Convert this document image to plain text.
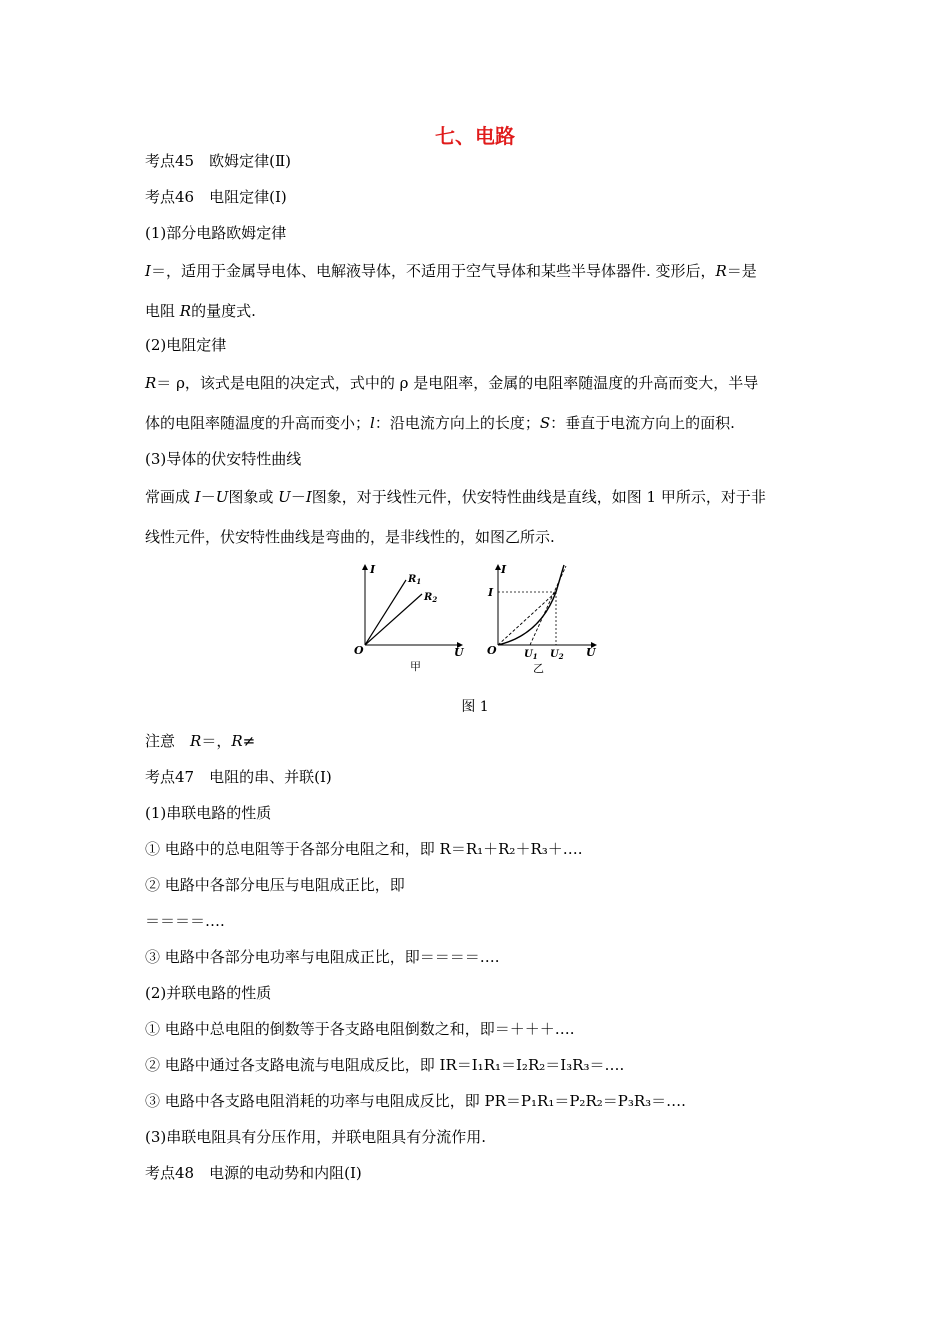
七、电路
考点45　欧姆定律(Ⅱ)
考点46　电阻定律(Ⅰ)
(1)部分电路欧姆定律
I＝，适用于金属导电体、电解液导体，不适用于空气导体和某些半导体器件. 变形后，R＝是
电阻 R的量度式.
(2)电阻定律
R＝ ρ，该式是电阻的决定式，式中的 ρ 是电阻率，金属的电阻率随温度的升高而变大，半导
体的电阻率随温度的升高而变小；l：沿电流方向上的长度；S：垂直于电流方向上的面积.
(3)导体的伏安特性曲线
常画成 I－U图象或 U－I图象，对于线性元件，伏安特性曲线是直线，如图 1 甲所示，对于非
线性元件，伏安特性曲线是弯曲的，是非线性的，如图乙所示.
I
$R_1$
$R_2$
O	U
甲
I
I
O	$U_1$ $U_2$ U
乙
图 1
注意　R＝，R≠
考点47　电阻的串、并联(Ⅰ)
(1)串联电路的性质
① 电路中的总电阻等于各部分电阻之和，即 R＝R₁＋R₂＋R₃＋….
② 电路中各部分电压与电阻成正比，即
＝＝＝＝….
③ 电路中各部分电功率与电阻成正比，即＝＝＝＝….
(2)并联电路的性质
① 电路中总电阻的倒数等于各支路电阻倒数之和，即＝＋＋＋….
② 电路中通过各支路电流与电阻成反比，即 IR＝I₁R₁＝I₂R₂＝I₃R₃＝….
③ 电路中各支路电阻消耗的功率与电阻成反比，即 PR＝P₁R₁＝P₂R₂＝P₃R₃＝….
(3)串联电阻具有分压作用，并联电阻具有分流作用.
考点48　电源的电动势和内阻(Ⅰ)
